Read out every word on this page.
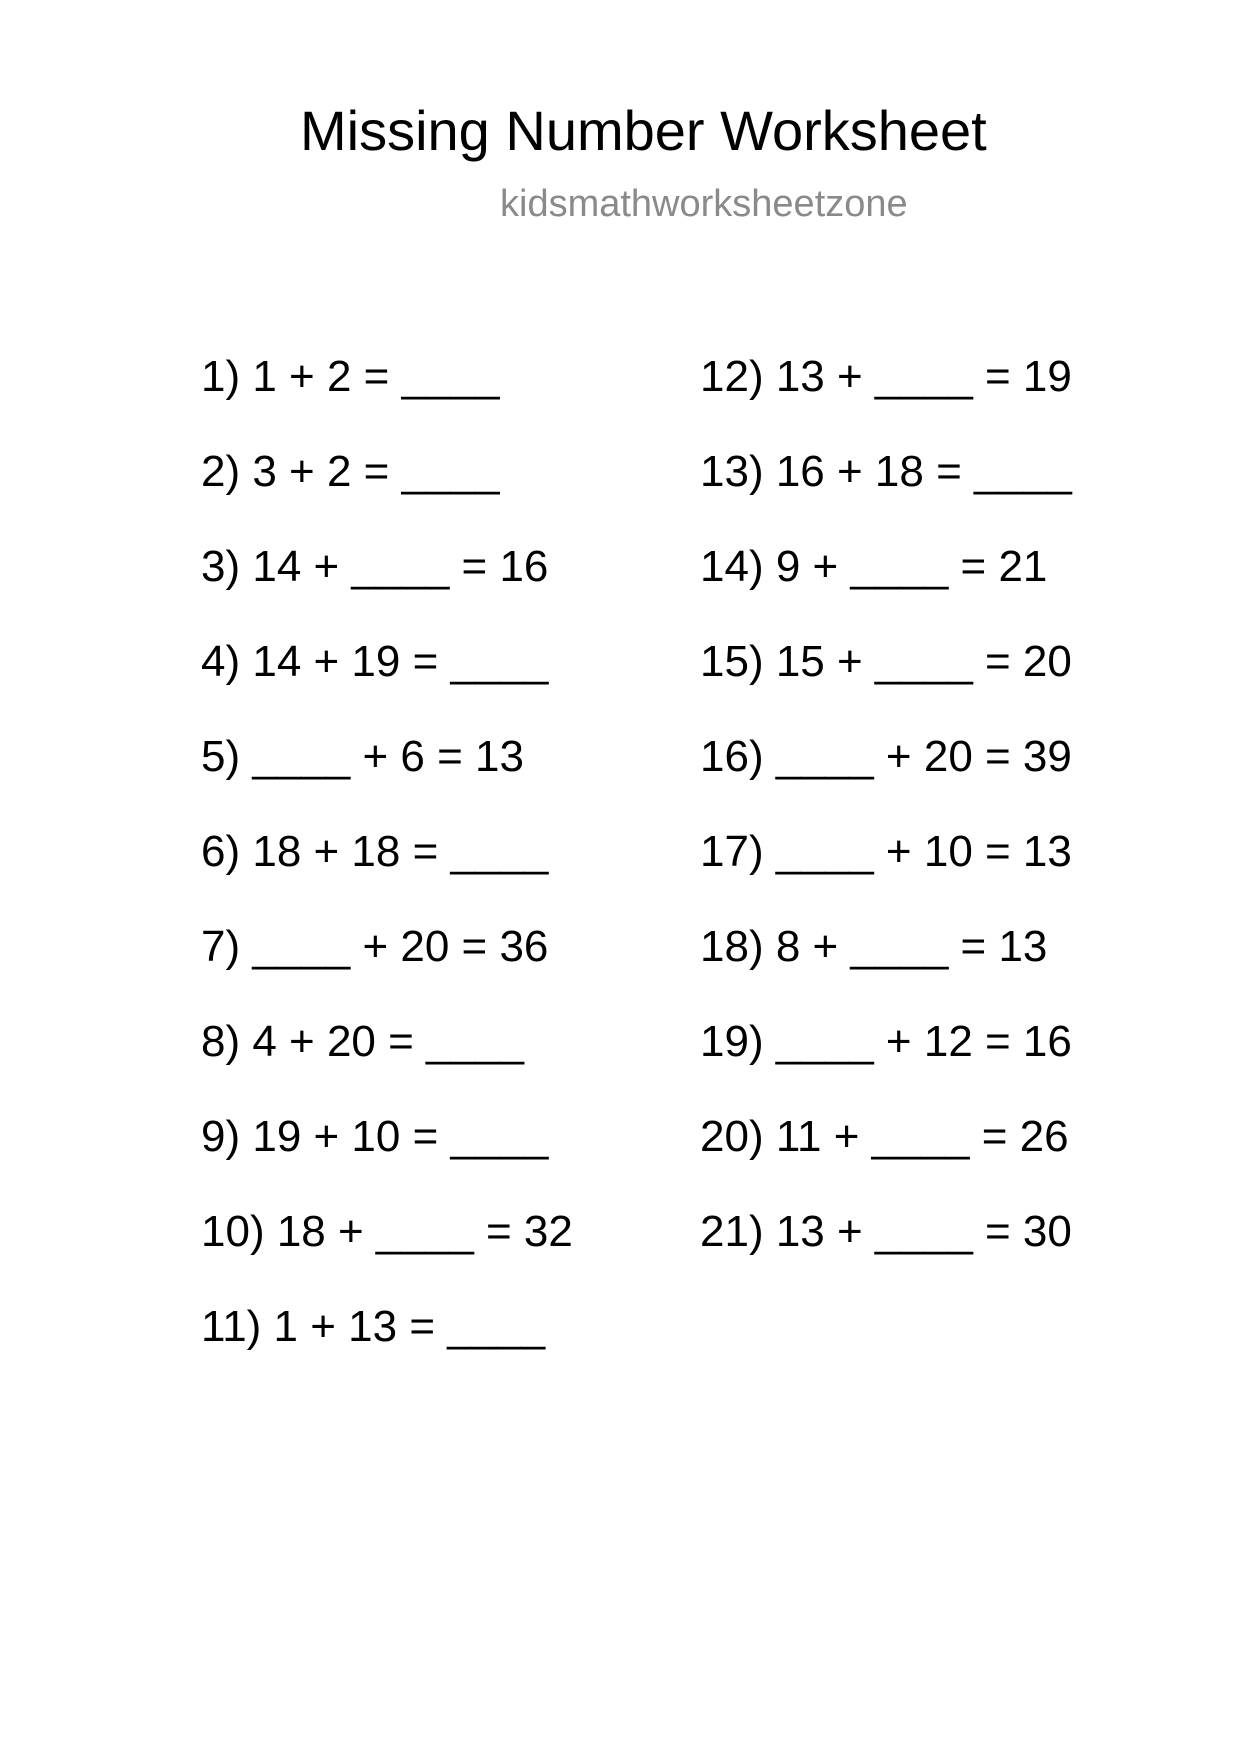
Missing Number Worksheet
kidsmathworksheetzone
1) 1 + 2 = ____
2) 3 + 2 = ____
3) 14 + ____ = 16
4) 14 + 19 = ____
5) ____ + 6 = 13
6) 18 + 18 = ____
7) ____ + 20 = 36
8) 4 + 20 = ____
9) 19 + 10 = ____
10) 18 + ____ = 32
11) 1 + 13 = ____
12) 13 + ____ = 19
13) 16 + 18 = ____
14) 9 + ____ = 21
15) 15 + ____ = 20
16) ____ + 20 = 39
17) ____ + 10 = 13
18) 8 + ____ = 13
19) ____ + 12 = 16
20) 11 + ____ = 26
21) 13 + ____ = 30
